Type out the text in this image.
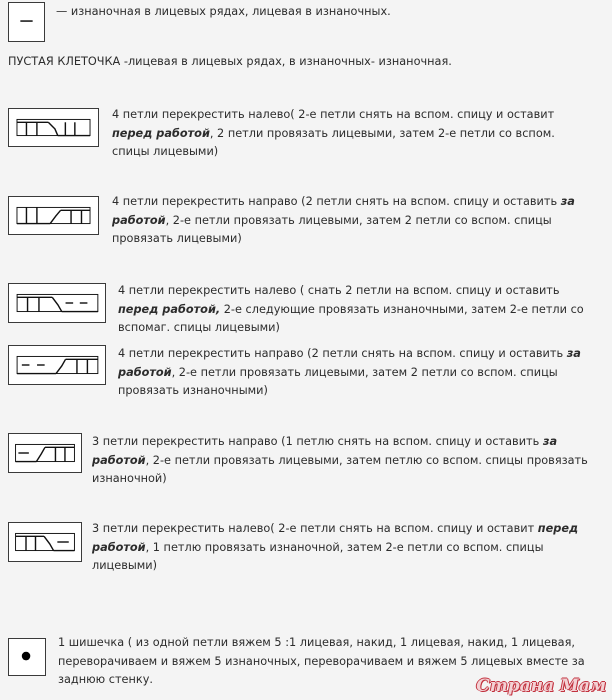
— изнаночная в лицевых рядах, лицевая в изнаночных.

ПУСТАЯ КЛЕТОЧКА -лицевая в лицевых рядах, в изнаночных- изнаночная.

4 петли перекрестить налево( 2-е петли снять на вспом. спицу и оставит перед работой, 2 петли провязать лицевыми, затем 2-е петли со вспом. спицы лицевыми)

4 петли перекрестить направо (2 петли снять на вспом. спицу и оставить за работой, 2-е петли провязать лицевыми, затем 2 петли со вспом. спицы провязать лицевыми)

4 петли перекрестить налево ( снать 2 петли на вспом. спицу и оставить перед работой, 2-е следующие провязать изнаночными, затем 2-е петли со вспомаг. спицы лицевыми)

4 петли перекрестить направо (2 петли снять на вспом. спицу и оставить за работой, 2-е петли провязать лицевыми, затем 2 петли со вспом. спицы провязать изнаночными)

3 петли перекрестить направо (1 петлю снять на вспом. спицу и оставить за работой, 2-е петли провязать лицевыми, затем петлю со вспом. спицы провязать изнаночной)

3 петли перекрестить налево( 2-е петли снять на вспом. спицу и оставит перед работой, 1 петлю провязать изнаночной, затем 2-е петли со вспом. спицы лицевыми)

1 шишечка ( из одной петли вяжем 5 :1 лицевая, накид, 1 лицевая, накид, 1 лицевая, переворачиваем и вяжем 5 изнаночных, переворачиваем и вяжем 5 лицевых вместе за заднюю стенку.	Страна Мам
